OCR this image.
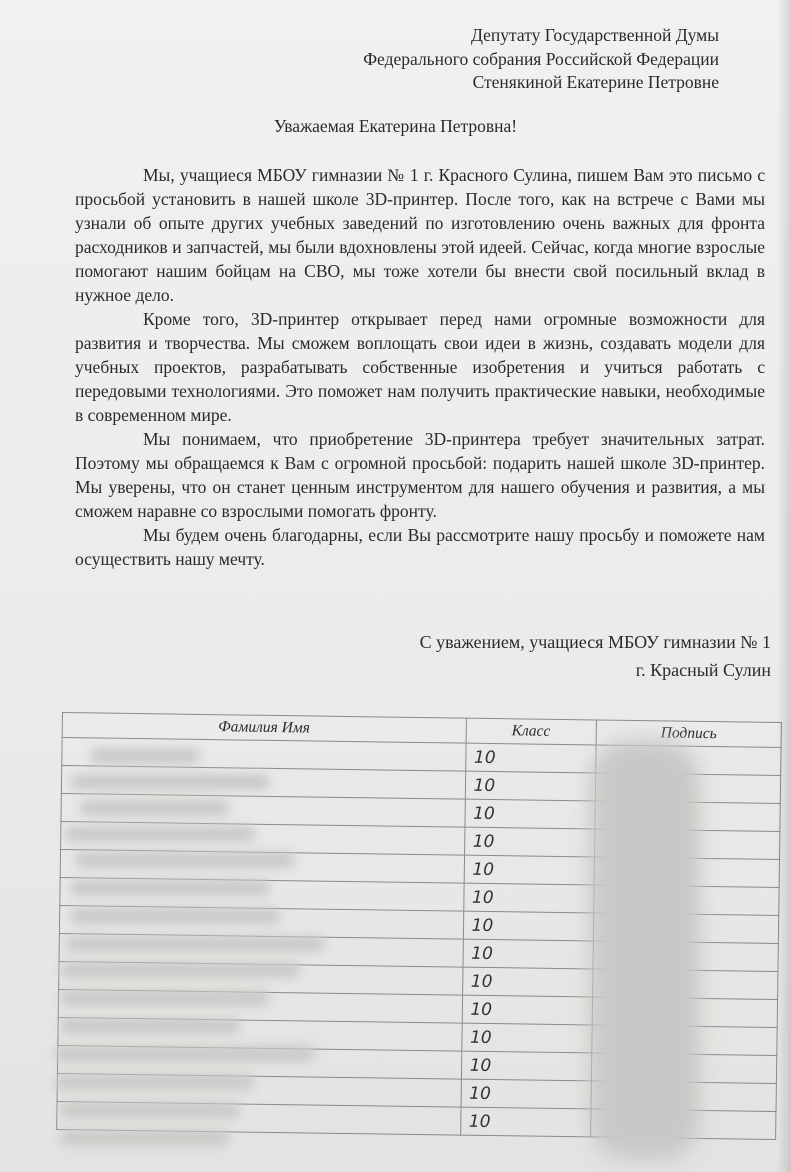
Депутату Государственной Думы
Федерального собрания Российской Федерации
Стенякиной Екатерине Петровне
Уважаемая Екатерина Петровна!

Мы, учащиеся МБОУ гимназии № 1 г. Красного Сулина, пишем Вам это письмо с просьбой установить в нашей школе 3D-принтер. После того, как на встрече с Вами мы узнали об опыте других учебных заведений по изготовлению очень важных для фронта расходников и запчастей, мы были вдохновлены этой идеей. Сейчас, когда многие взрослые помогают нашим бойцам на СВО, мы тоже хотели бы внести свой посильный вклад в нужное дело.

Кроме того, 3D-принтер открывает перед нами огромные возможности для развития и творчества. Мы сможем воплощать свои идеи в жизнь, создавать модели для учебных проектов, разрабатывать собственные изобретения и учиться работать с передовыми технологиями. Это поможет нам получить практические навыки, необходимые в современном мире.

Мы понимаем, что приобретение 3D-принтера требует значительных затрат. Поэтому мы обращаемся к Вам с огромной просьбой: подарить нашей школе 3D-принтер. Мы уверены, что он станет ценным инструментом для нашего обучения и развития, а мы сможем наравне со взрослыми помогать фронту.

Мы будем очень благодарны, если Вы рассмотрите нашу просьбу и поможете нам осуществить нашу мечту.

С уважением, учащиеся МБОУ гимназии № 1
г. Красный Сулин
Фамилия Имя	Класс	Подпись
	10	
	10	
	10	
	10	
	10	
	10	
	10	
	10	
	10	
	10	
	10	
	10	
	10	
	10	
